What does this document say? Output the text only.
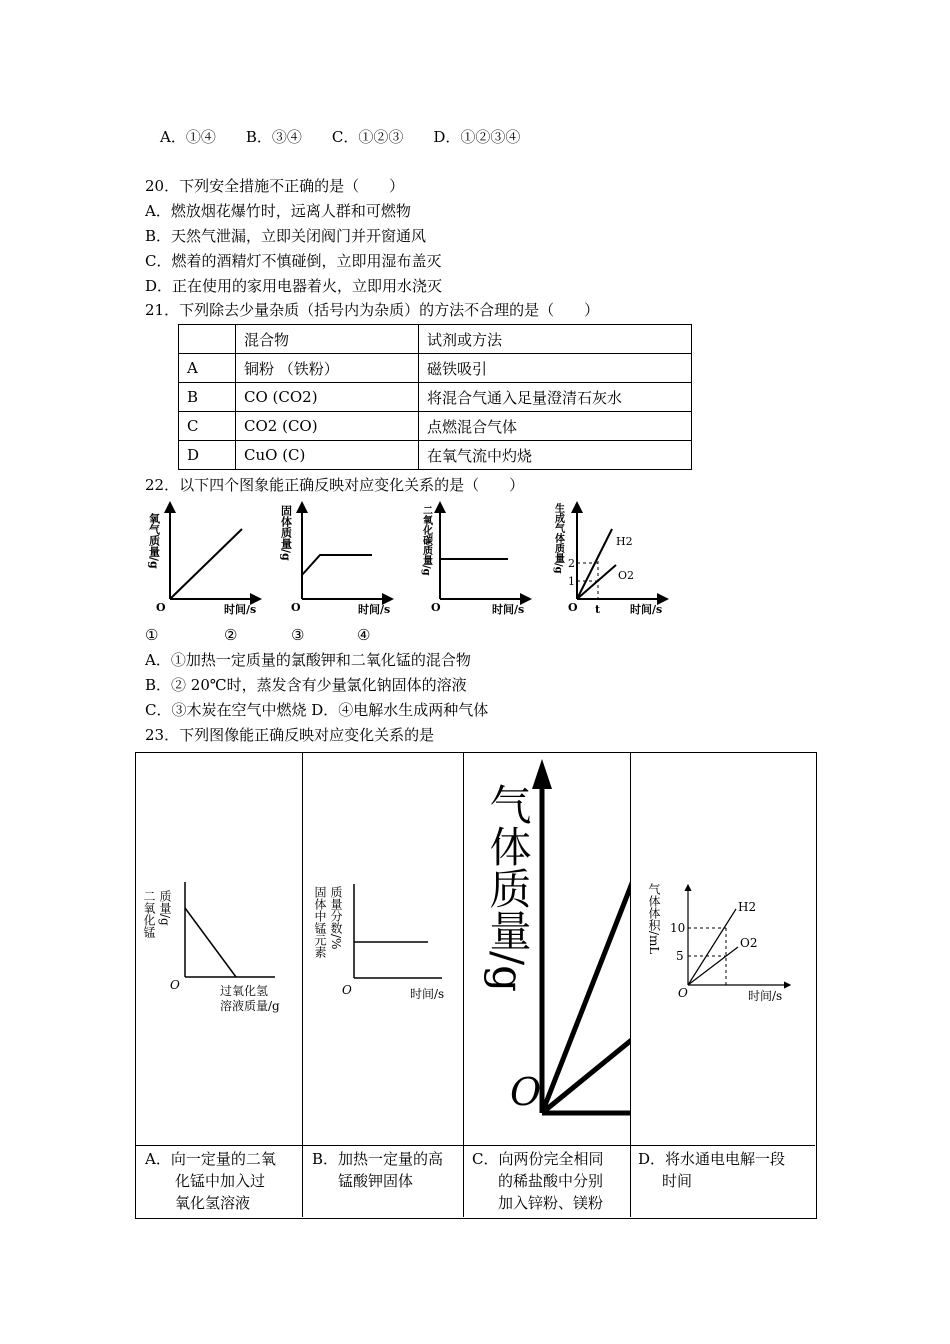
A．①④　　B．③④　　C．①②③　　D．①②③④
20．下列安全措施不正确的是（　　）
A．燃放烟花爆竹时，远离人群和可燃物
B．天然气泄漏，立即关闭阀门并开窗通风
C．燃着的酒精灯不慎碰倒，立即用湿布盖灭
D．正在使用的家用电器着火，立即用水浇灭
21．下列除去少量杂质（括号内为杂质）的方法不合理的是（　　）
	混合物	试剂或方法
A	铜粉 （铁粉）	磁铁吸引
B	CO (CO2)	将混合气通入足量澄清石灰水
C	CO2 (CO)	点燃混合气体
D	CuO (C)	在氧气流中灼烧
22．以下四个图象能正确反映对应变化关系的是（　　）
氧气质量/g
O	时间/s
固体质量/g
O	时间/s
二氧化碳质量/g
O	时间/s
生成气体质量/g 2
1
H2
O2
O t	时间/s
①	②	③	④
A．①加热一定质量的氯酸钾和二氧化锰的混合物
B．② 20℃时，蒸发含有少量氯化钠固体的溶液
C．③木炭在空气中燃烧 D．④电解水生成两种气体
23．下列图像能正确反映对应变化关系的是
二氧化锰 质量/g
O	过氧化氢
溶液质量/g
固体中锰元素 质量分数/%
O	时间/s
气体质量/g
O
气体体积/mL 10
5
H2
O2
O	时间/s
A．向一定量的二氧
化锰中加入过
氧化氢溶液
B．加热一定量的高
锰酸钾固体
C．向两份完全相同
的稀盐酸中分别
加入锌粉、镁粉
D．将水通电电解一段
时间
